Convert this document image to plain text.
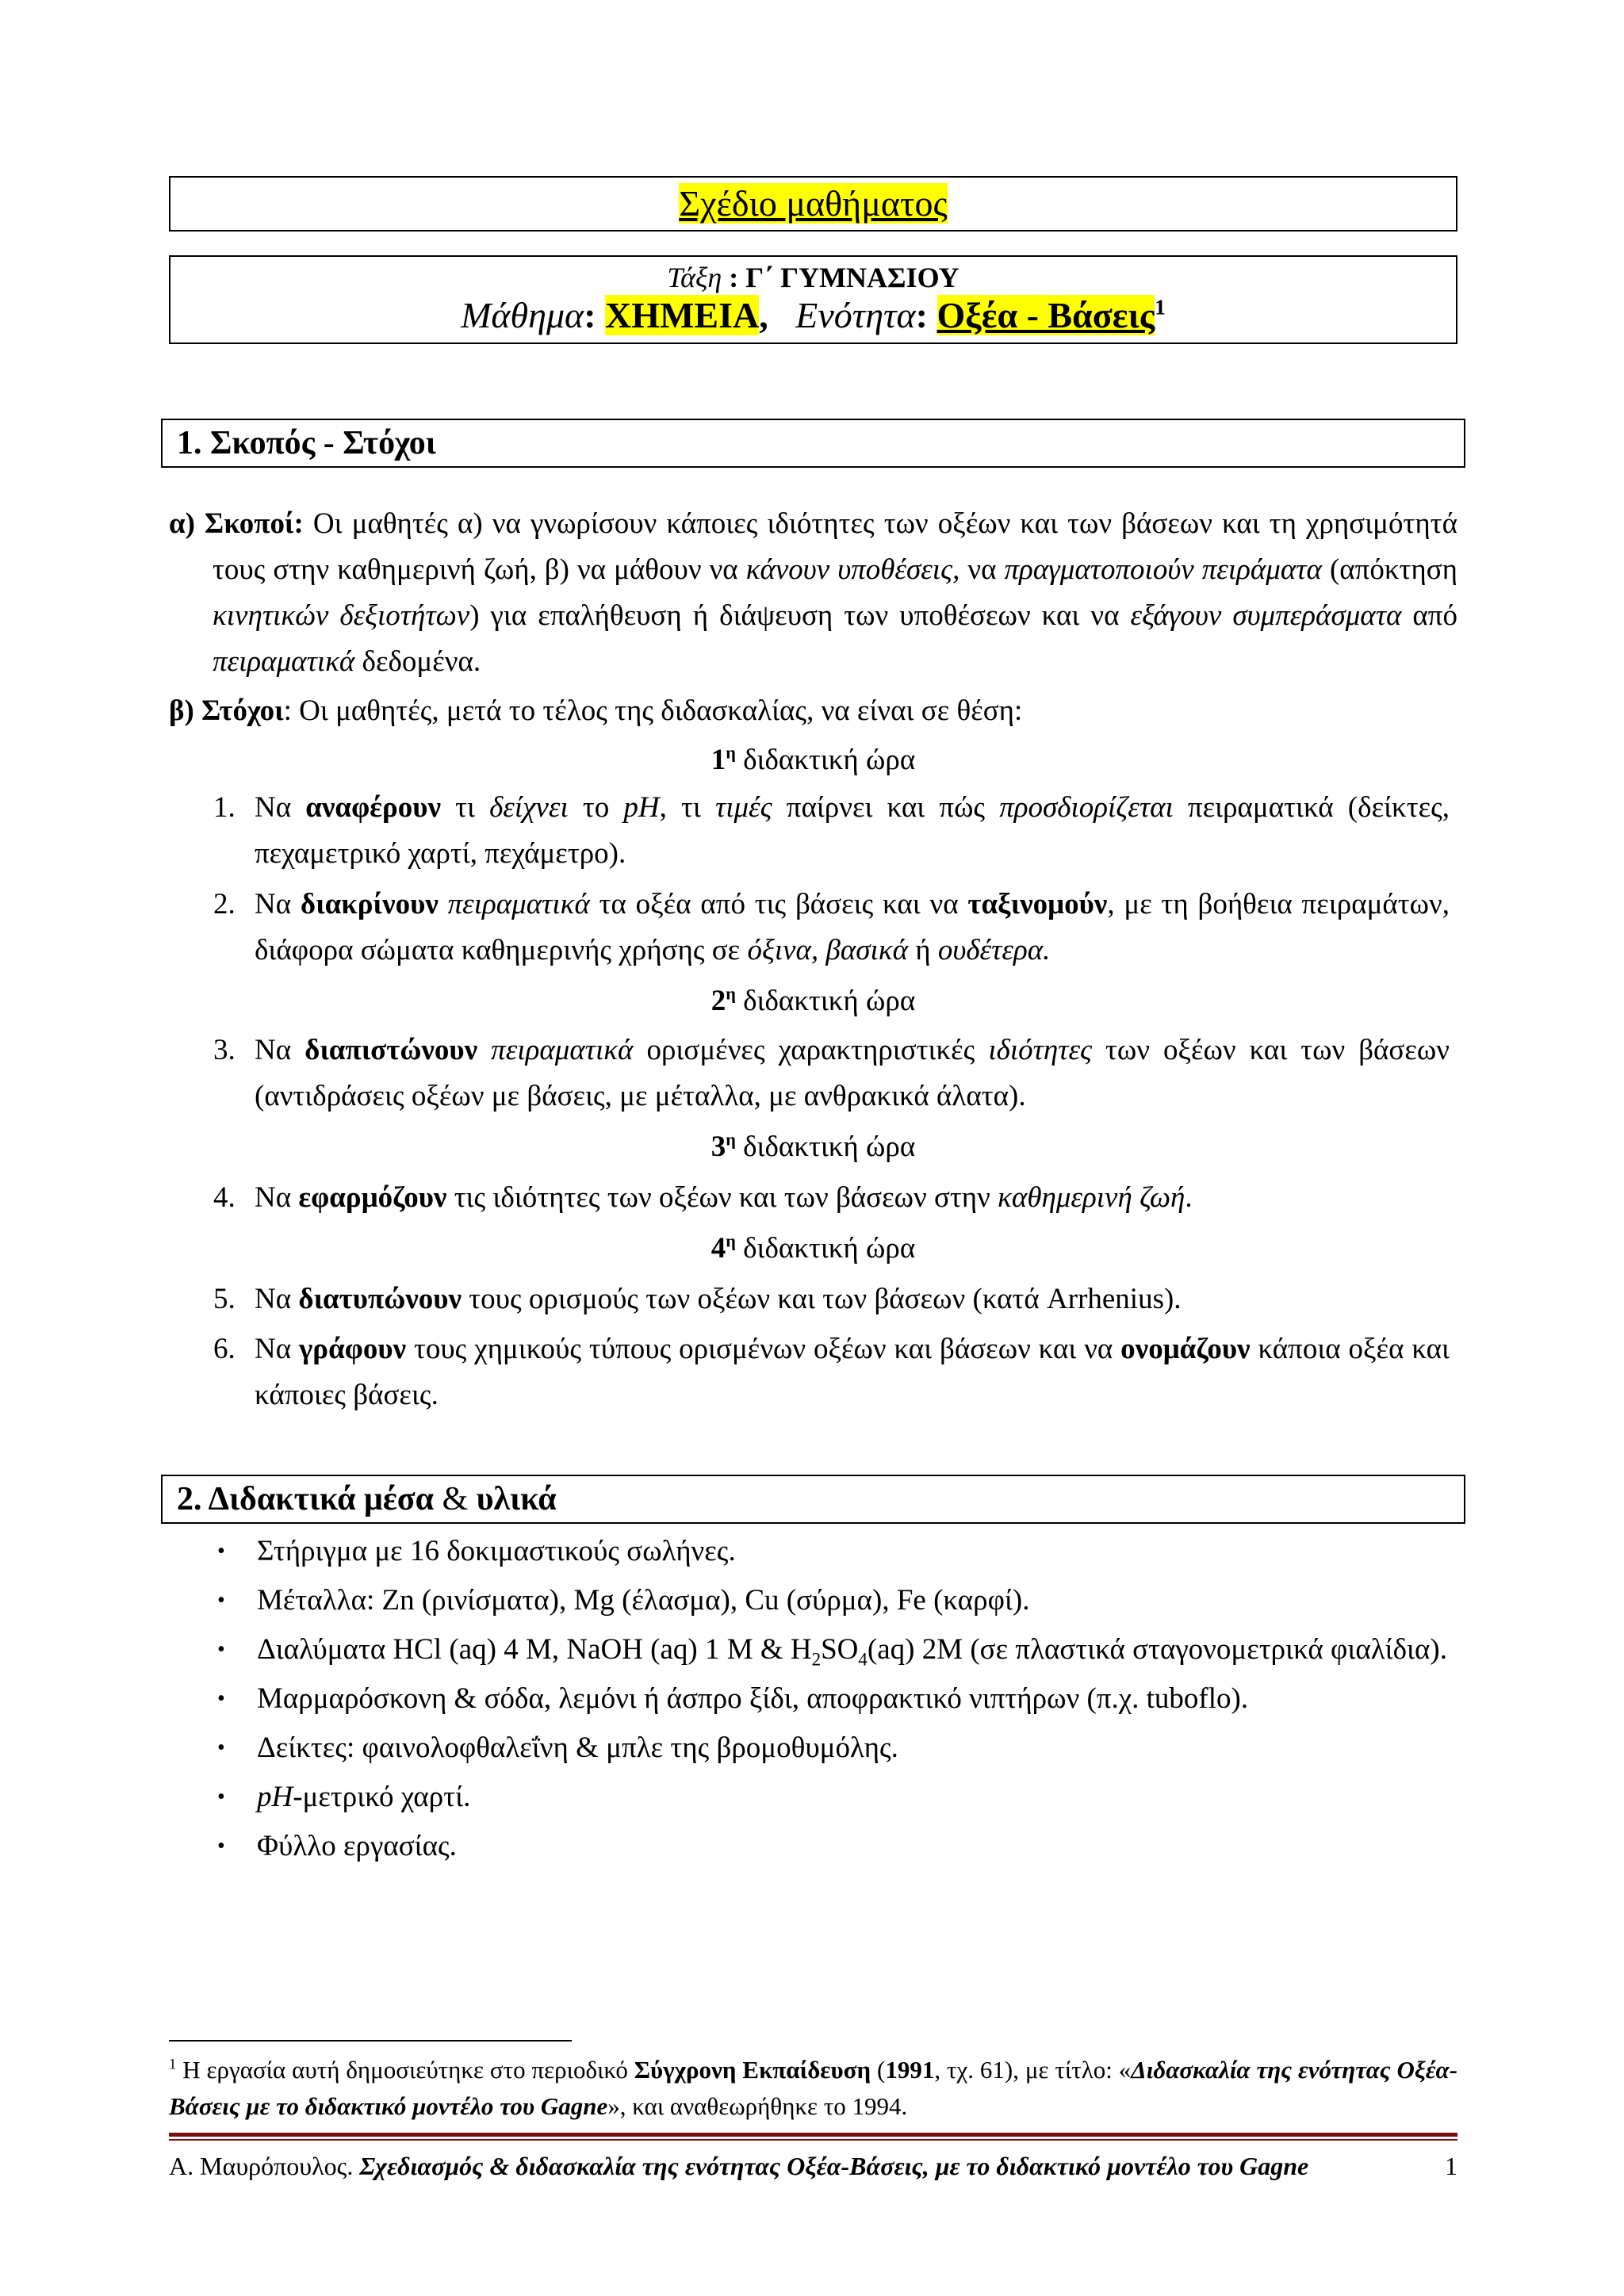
Σχέδιο μαθήματος
Τάξη : Γ΄ ΓΥΜΝΑΣΙΟΥ
Μάθημα: ΧΗΜΕΙΑ,   Ενότητα: Οξέα - Βάσεις$^1$
1. Σκοπός - Στόχοι

α) Σκοποί: Οι μαθητές α) να γνωρίσουν κάποιες ιδιότητες των οξέων και των βάσεων και τη χρησιμότητά τους στην καθημερινή ζωή, β) να μάθουν να κάνουν υποθέσεις, να πραγματοποιούν πειράματα (απόκτηση κινητικών δεξιοτήτων) για επαλήθευση ή διάψευση των υποθέσεων και να εξάγουν συμπεράσματα από πειραματικά δεδομένα.

β) Στόχοι: Οι μαθητές, μετά το τέλος της διδασκαλίας, να είναι σε θέση:
$1^\eta$ διδακτική ώρα
1. Να αναφέρουν τι δείχνει το pH, τι τιμές παίρνει και πώς προσδιορίζεται πειραματικά (δείκτες, πεχαμετρικό χαρτί, πεχάμετρο).
2. Να διακρίνουν πειραματικά τα οξέα από τις βάσεις και να ταξινομούν, με τη βοήθεια πειραμάτων, διάφορα σώματα καθημερινής χρήσης σε όξινα, βασικά ή ουδέτερα.
$2^\eta$ διδακτική ώρα
3. Να διαπιστώνουν πειραματικά ορισμένες χαρακτηριστικές ιδιότητες των οξέων και των βάσεων (αντιδράσεις οξέων με βάσεις, με μέταλλα, με ανθρακικά άλατα).
$3^\eta$ διδακτική ώρα
4. Να εφαρμόζουν τις ιδιότητες των οξέων και των βάσεων στην καθημερινή ζωή.
$4^\eta$ διδακτική ώρα
5. Να διατυπώνουν τους ορισμούς των οξέων και των βάσεων (κατά Arrhenius).
6. Να γράφουν τους χημικούς τύπους ορισμένων οξέων και βάσεων και να ονομάζουν κάποια οξέα και κάποιες βάσεις.
2. Διδακτικά μέσα & υλικά
• Στήριγμα με 16 δοκιμαστικούς σωλήνες.
• Μέταλλα: Zn (ρινίσματα), Mg (έλασμα), Cu (σύρμα), Fe (καρφί).
• Διαλύματα HCl (aq) 4 M, NaOH (aq) 1 M & $H_2SO_4(aq)$ 2M (σε πλαστικά σταγονομετρικά φιαλίδια).
• Μαρμαρόσκονη & σόδα, λεμόνι ή άσπρο ξίδι, αποφρακτικό νιπτήρων (π.χ. tuboflo).
• Δείκτες: φαινολοφθαλεΐνη & μπλε της βρομοθυμόλης.
• pH-μετρικό χαρτί.
• Φύλλο εργασίας.
$^1$ Η εργασία αυτή δημοσιεύτηκε στο περιοδικό Σύγχρονη Εκπαίδευση (1991, τχ. 61), με τίτλο: «Διδασκαλία της ενότητας Οξέα-Βάσεις με το διδακτικό μοντέλο του Gagne», και αναθεωρήθηκε το 1994.
Α. Μαυρόπουλος. Σχεδιασμός & διδασκαλία της ενότητας Οξέα-Βάσεις, με το διδακτικό μοντέλο του Gagne	1
